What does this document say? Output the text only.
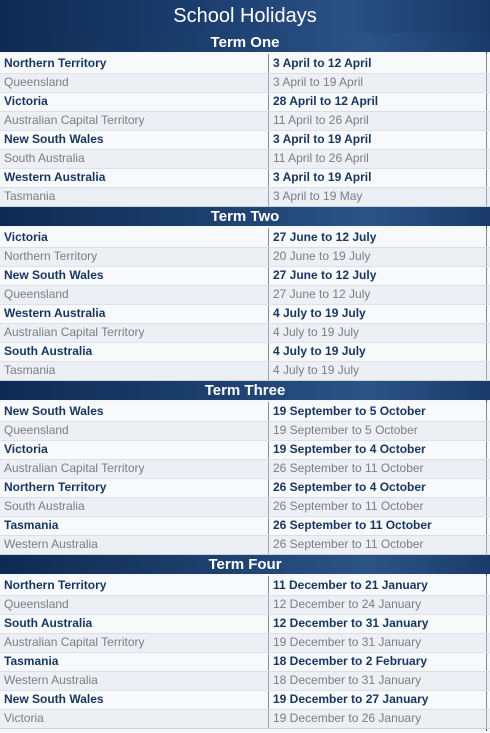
School Holidays
Term One
Northern Territory	3 April to 12 April
Queensland	3 April to 19 April
Victoria	28 April to 12 April
Australian Capital Territory	11 April to 26 April
New South Wales	3 April to 19 April
South Australia	11 April to 26 April
Western Australia	3 April to 19 April
Tasmania	3 April to 19 May
Term Two
Victoria	27 June to 12 July
Northern Territory	20 June to 19 July
New South Wales	27 June to 12 July
Queensland	27 June to 12 July
Western Australia	4 July to 19 July
Australian Capital Territory	4 July to 19 July
South Australia	4 July to 19 July
Tasmania	4 July to 19 July
Term Three
New South Wales	19 September to 5 October
Queensland	19 September to 5 October
Victoria	19 September to 4 October
Australian Capital Territory	26 September to 11 October
Northern Territory	26 September to 4 October
South Australia	26 September to 11 October
Tasmania	26 September to 11 October
Western Australia	26 September to 11 October
Term Four
Northern Territory	11 December to 21 January
Queensland	12 December to 24 January
South Australia	12 December to 31 January
Australian Capital Territory	19 December to 31 January
Tasmania	18 December to 2 February
Western Australia	18 December to 31 January
New South Wales	19 December to 27 January
Victoria	19 December to 26 January
